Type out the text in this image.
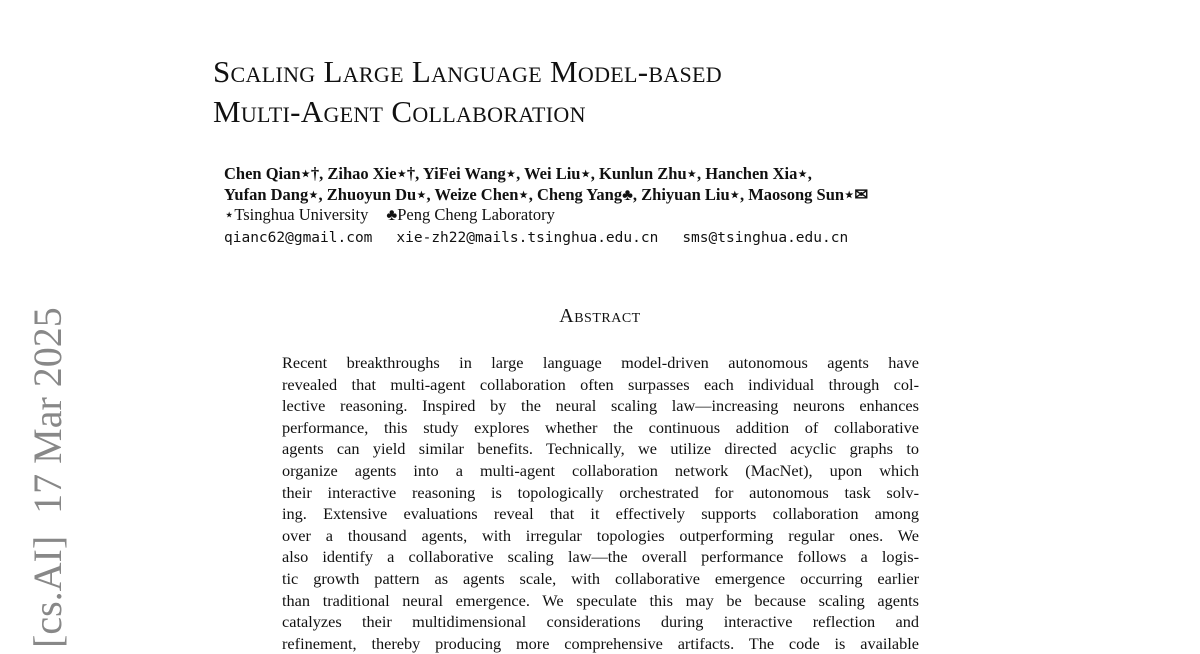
Scaling Large Language Model-based
Multi-Agent Collaboration
Chen Qian⋆†, Zihao Xie⋆†, YiFei Wang⋆, Wei Liu⋆, Kunlun Zhu⋆, Hanchen Xia⋆,
Yufan Dang⋆, Zhuoyun Du⋆, Weize Chen⋆, Cheng Yang♣, Zhiyuan Liu⋆, Maosong Sun⋆✉
⋆Tsinghua University ♣Peng Cheng Laboratory
qianc62@gmail.com xie-zh22@mails.tsinghua.edu.cn sms@tsinghua.edu.cn
Abstract
Recent breakthroughs in large language model-driven autonomous agents have
revealed that multi-agent collaboration often surpasses each individual through col-
lective reasoning. Inspired by the neural scaling law—increasing neurons enhances
performance, this study explores whether the continuous addition of collaborative
agents can yield similar benefits. Technically, we utilize directed acyclic graphs to
organize agents into a multi-agent collaboration network (MacNet), upon which
their interactive reasoning is topologically orchestrated for autonomous task solv-
ing. Extensive evaluations reveal that it effectively supports collaboration among
over a thousand agents, with irregular topologies outperforming regular ones. We
also identify a collaborative scaling law—the overall performance follows a logis-
tic growth pattern as agents scale, with collaborative emergence occurring earlier
than traditional neural emergence. We speculate this may be because scaling agents
catalyzes their multidimensional considerations during interactive reflection and
refinement, thereby producing more comprehensive artifacts. The code is available
[cs.AI]17 Mar 2025
